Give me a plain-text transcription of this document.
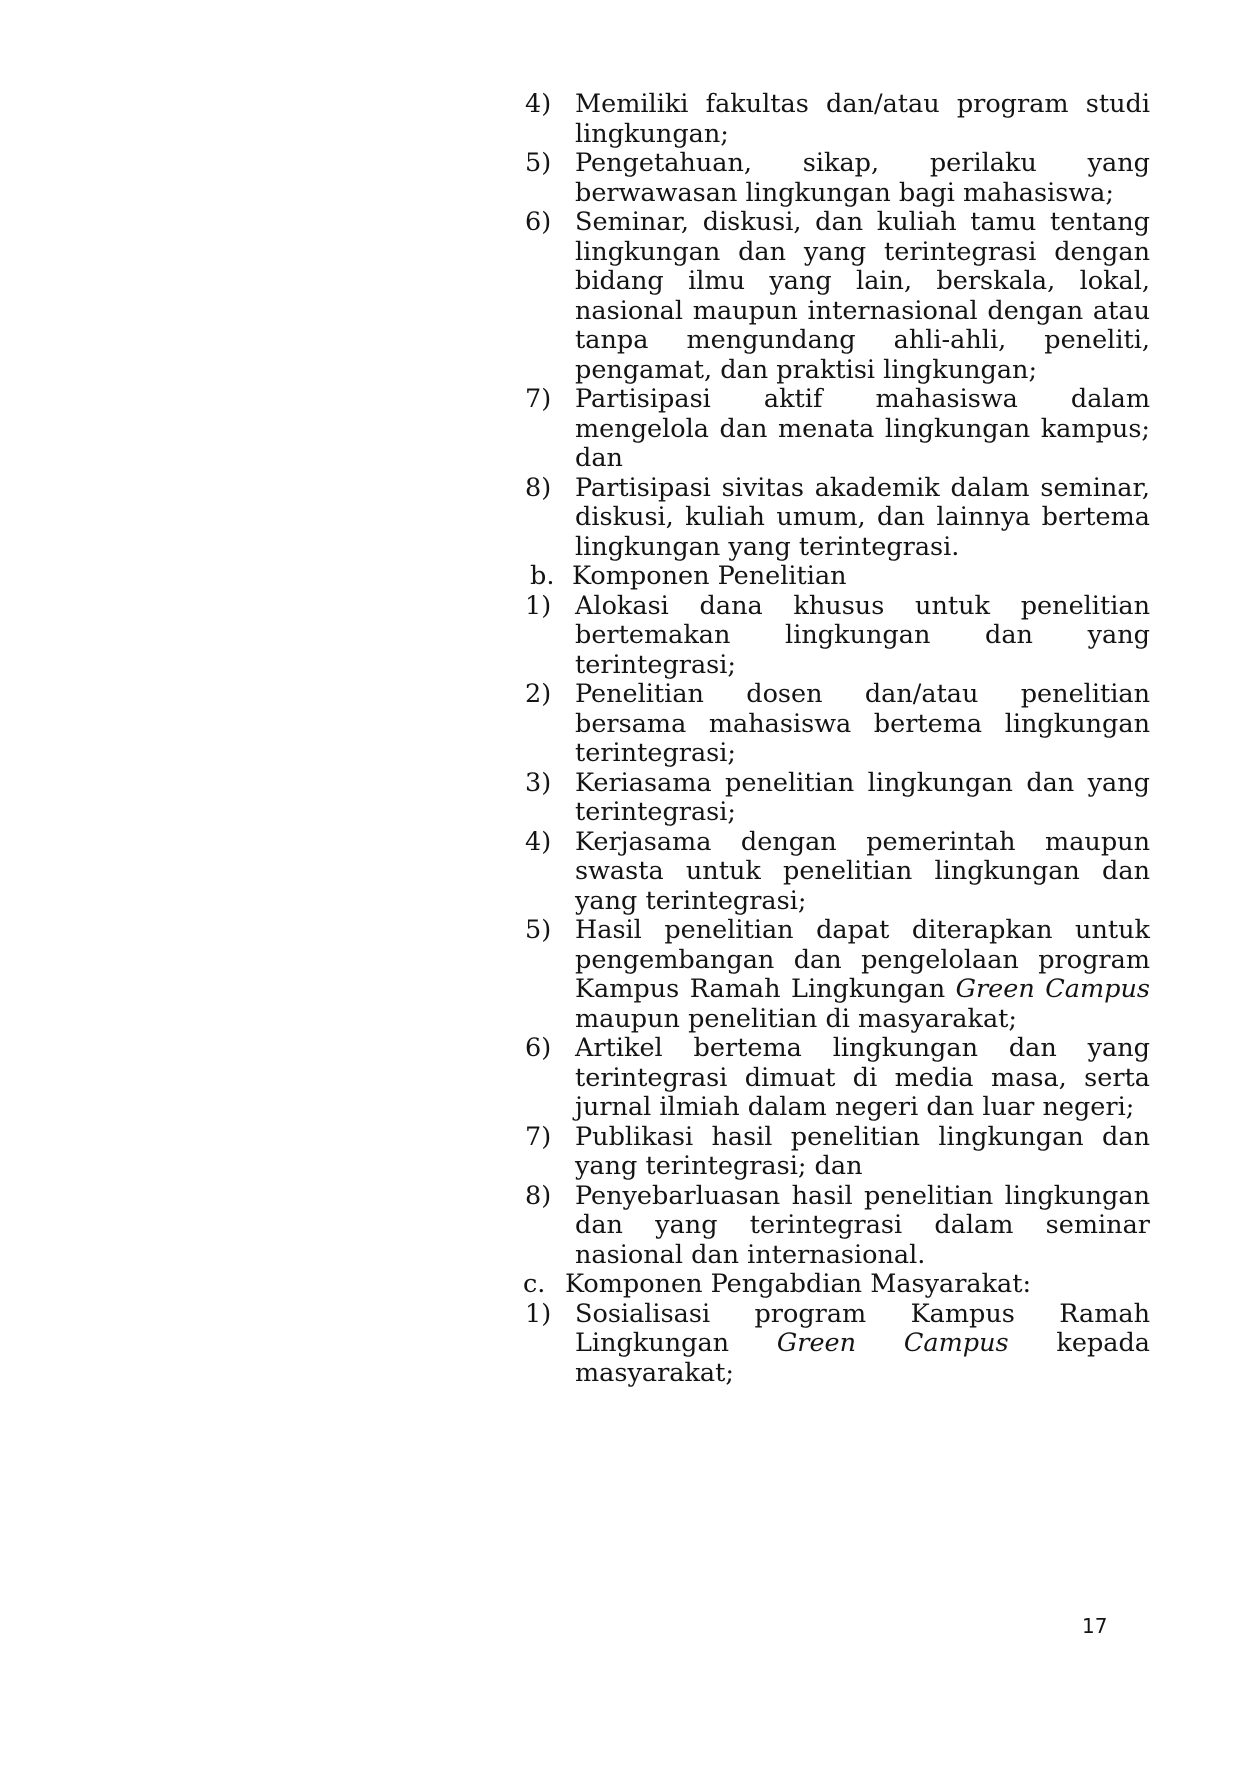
4) Memiliki fakultas dan/atau program studi lingkungan;
5) Pengetahuan, sikap, perilaku yang berwawasan lingkungan bagi mahasiswa;
6) Seminar, diskusi, dan kuliah tamu tentang lingkungan dan yang terintegrasi dengan bidang ilmu yang lain, berskala, lokal, nasional maupun internasional dengan atau tanpa mengundang ahli-ahli, peneliti, pengamat, dan praktisi lingkungan;
7) Partisipasi aktif mahasiswa dalam mengelola dan menata lingkungan kampus; dan
8) Partisipasi sivitas akademik dalam seminar, diskusi, kuliah umum, dan lainnya bertema lingkungan yang terintegrasi.
b. Komponen Penelitian
1) Alokasi dana khusus untuk penelitian bertemakan lingkungan dan yang terintegrasi;
2) Penelitian dosen dan/atau penelitian bersama mahasiswa bertema lingkungan terintegrasi;
3) Keriasama penelitian lingkungan dan yang terintegrasi;
4) Kerjasama dengan pemerintah maupun swasta untuk penelitian lingkungan dan yang terintegrasi;
5) Hasil penelitian dapat diterapkan untuk pengembangan dan pengelolaan program Kampus Ramah Lingkungan Green Campus maupun penelitian di masyarakat;
6) Artikel bertema lingkungan dan yang terintegrasi dimuat di media masa, serta jurnal ilmiah dalam negeri dan luar negeri;
7) Publikasi hasil penelitian lingkungan dan yang terintegrasi; dan
8) Penyebarluasan hasil penelitian lingkungan dan yang terintegrasi dalam seminar nasional dan internasional.
c. Komponen Pengabdian Masyarakat:
1) Sosialisasi program Kampus Ramah Lingkungan Green Campus kepada masyarakat;
17
